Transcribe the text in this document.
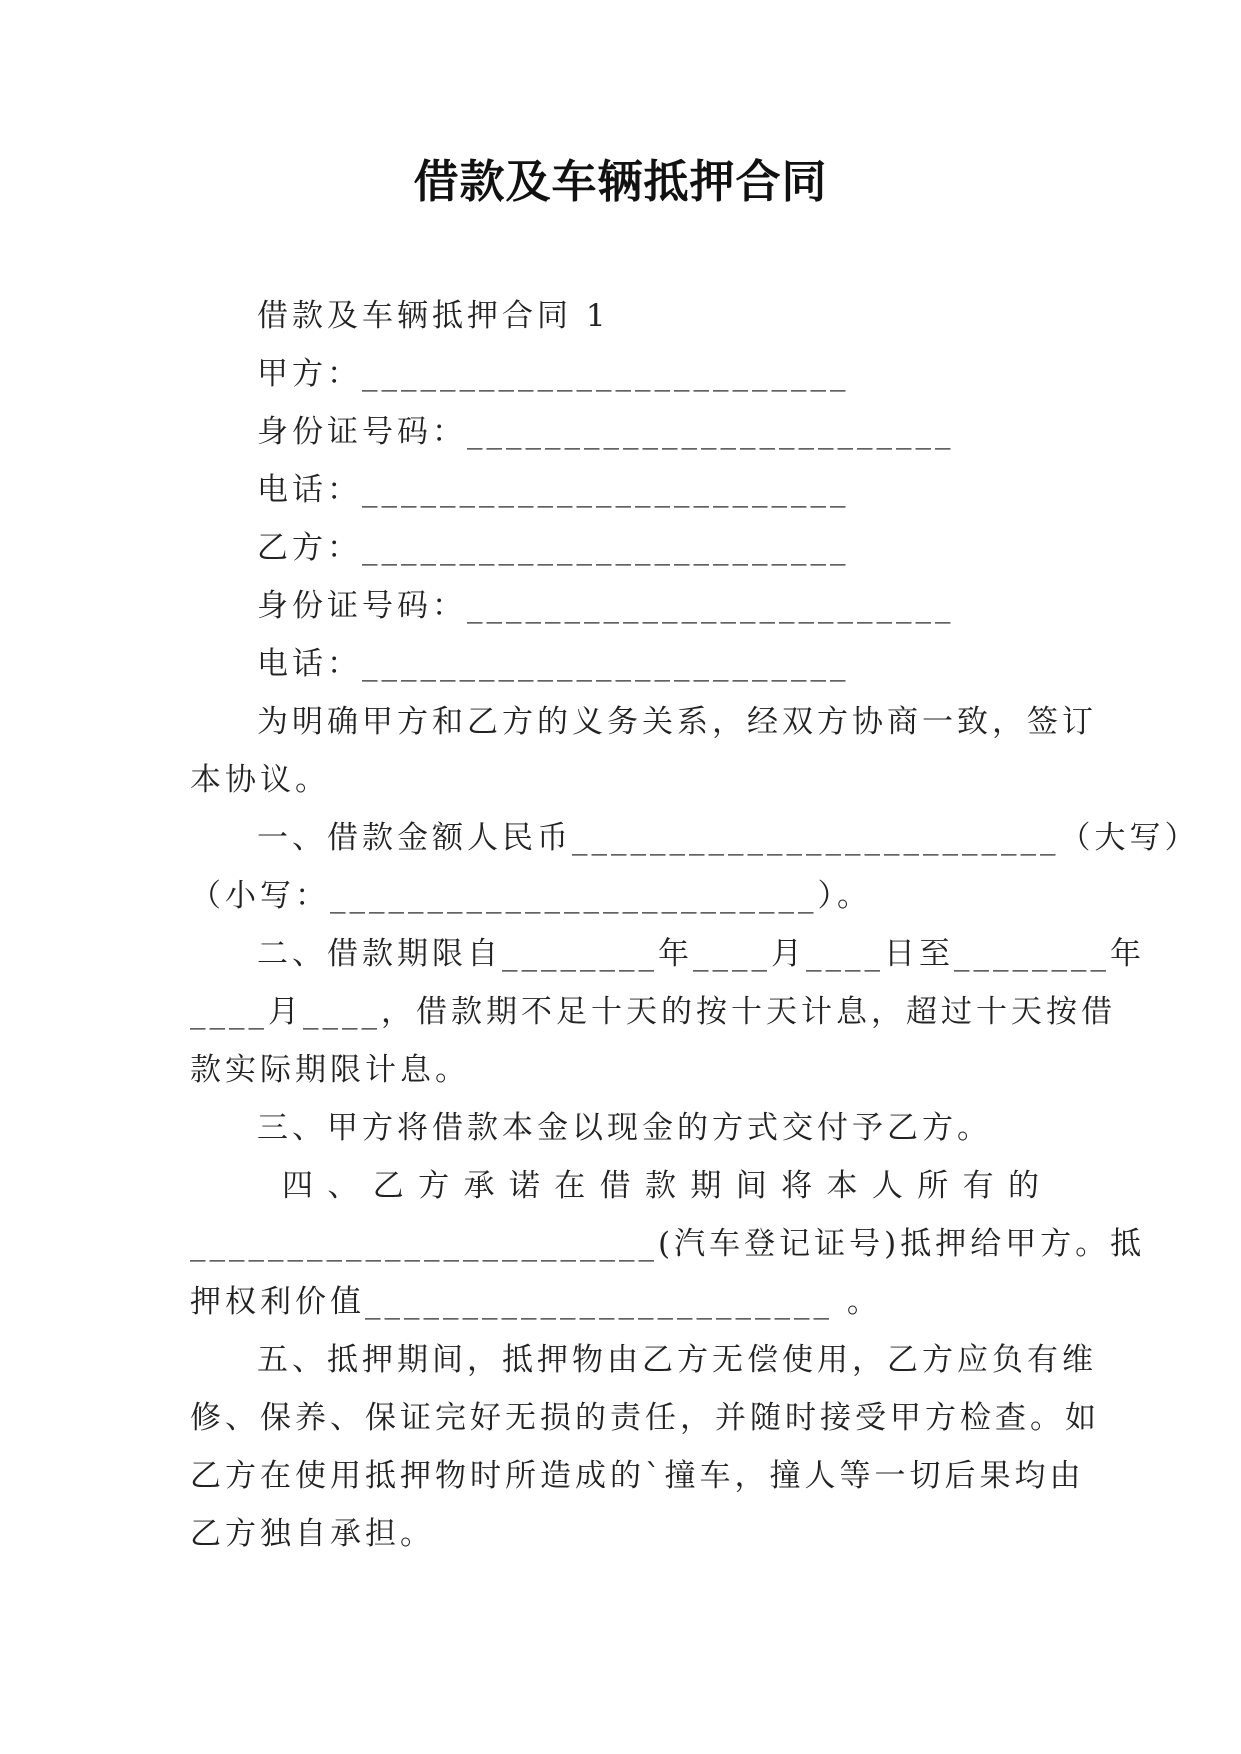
借款及车辆抵押合同
借款及车辆抵押合同 1
甲方：_________________________
身份证号码：_________________________
电话：_________________________
乙方：_________________________
身份证号码：_________________________
电话：_________________________
为明确甲方和乙方的义务关系，经双方协商一致，签订
本协议。
一、借款金额人民币_________________________（大写）
（小写：_________________________）。
二、借款期限自________年____月____日至________年
____月____，借款期不足十天的按十天计息，超过十天按借
款实际期限计息。
三、甲方将借款本金以现金的方式交付予乙方。
四、乙方承诺在借款期间将本人所有的
________________________(汽车登记证号)抵押给甲方。抵
押权利价值________________________ 。
五、抵押期间，抵押物由乙方无偿使用，乙方应负有维
修、保养、保证完好无损的责任，并随时接受甲方检查。如
乙方在使用抵押物时所造成的`撞车，撞人等一切后果均由
乙方独自承担。
